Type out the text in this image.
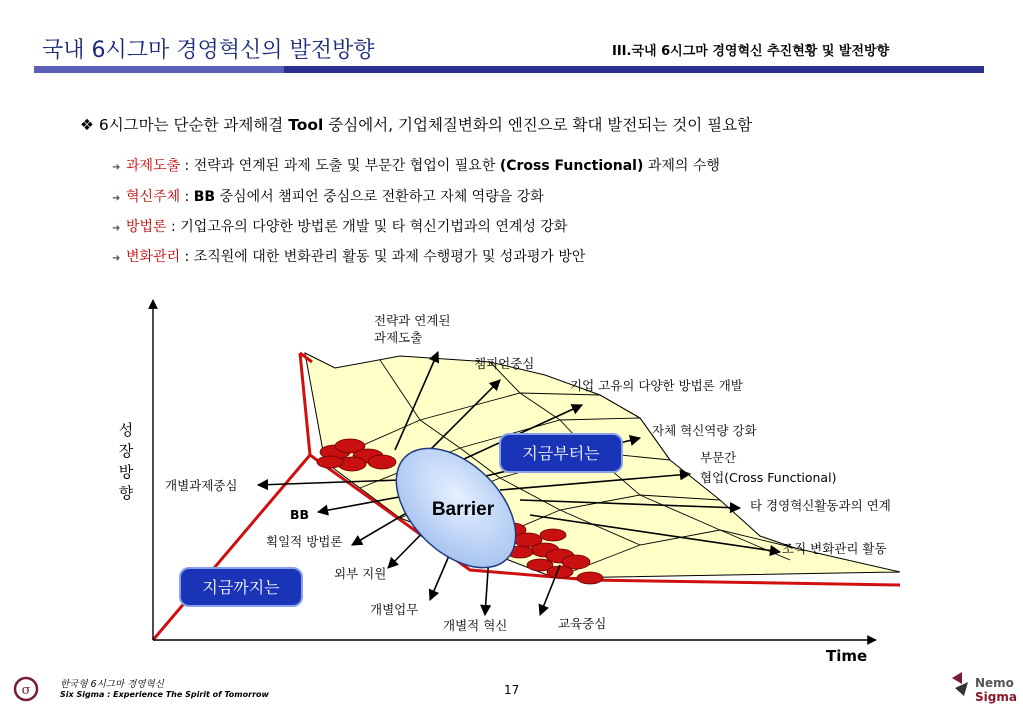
국내 6시그마 경영혁신의 발전방향	III.국내 6시그마 경영혁신 추진현황 및 발전방향
❖ 6시그마는 단순한 과제해결 Tool 중심에서, 기업체질변화의 엔진으로 확대 발전되는 것이 필요함
➜ 과제도출 : 전략과 연계된 과제 도출 및 부문간 협업이 필요한 (Cross Functional) 과제의 수행
➜ 혁신주체 : BB 중심에서 챔피언 중심으로 전환하고 자체 역량을 강화
➜ 방법론 : 기업고유의 다양한 방법론 개발 및 타 혁신기법과의 연계성 강화
➜ 변화관리 : 조직원에 대한 변화관리 활동 및 과제 수행평가 및 성과평가 방안
Barrier
지금부터는
지금까지는
전략과 연계된
과제도출
챔피언중심
기업 고유의 다양한 방법론 개발
자체 혁신역량 강화
부문간
협업(Cross Functional)
타 경영혁신활동과의 연계
조직 변화관리 활동
개별과제중심
BB
획일적 방법론
외부 지원
개별업무
개별적 혁신	교육중심
σ
성장방향
Time
한국형 6시그마 경영혁신
Six Sigma : Experience The Spirit of Tomorrow	17	Nemo
Sigma
